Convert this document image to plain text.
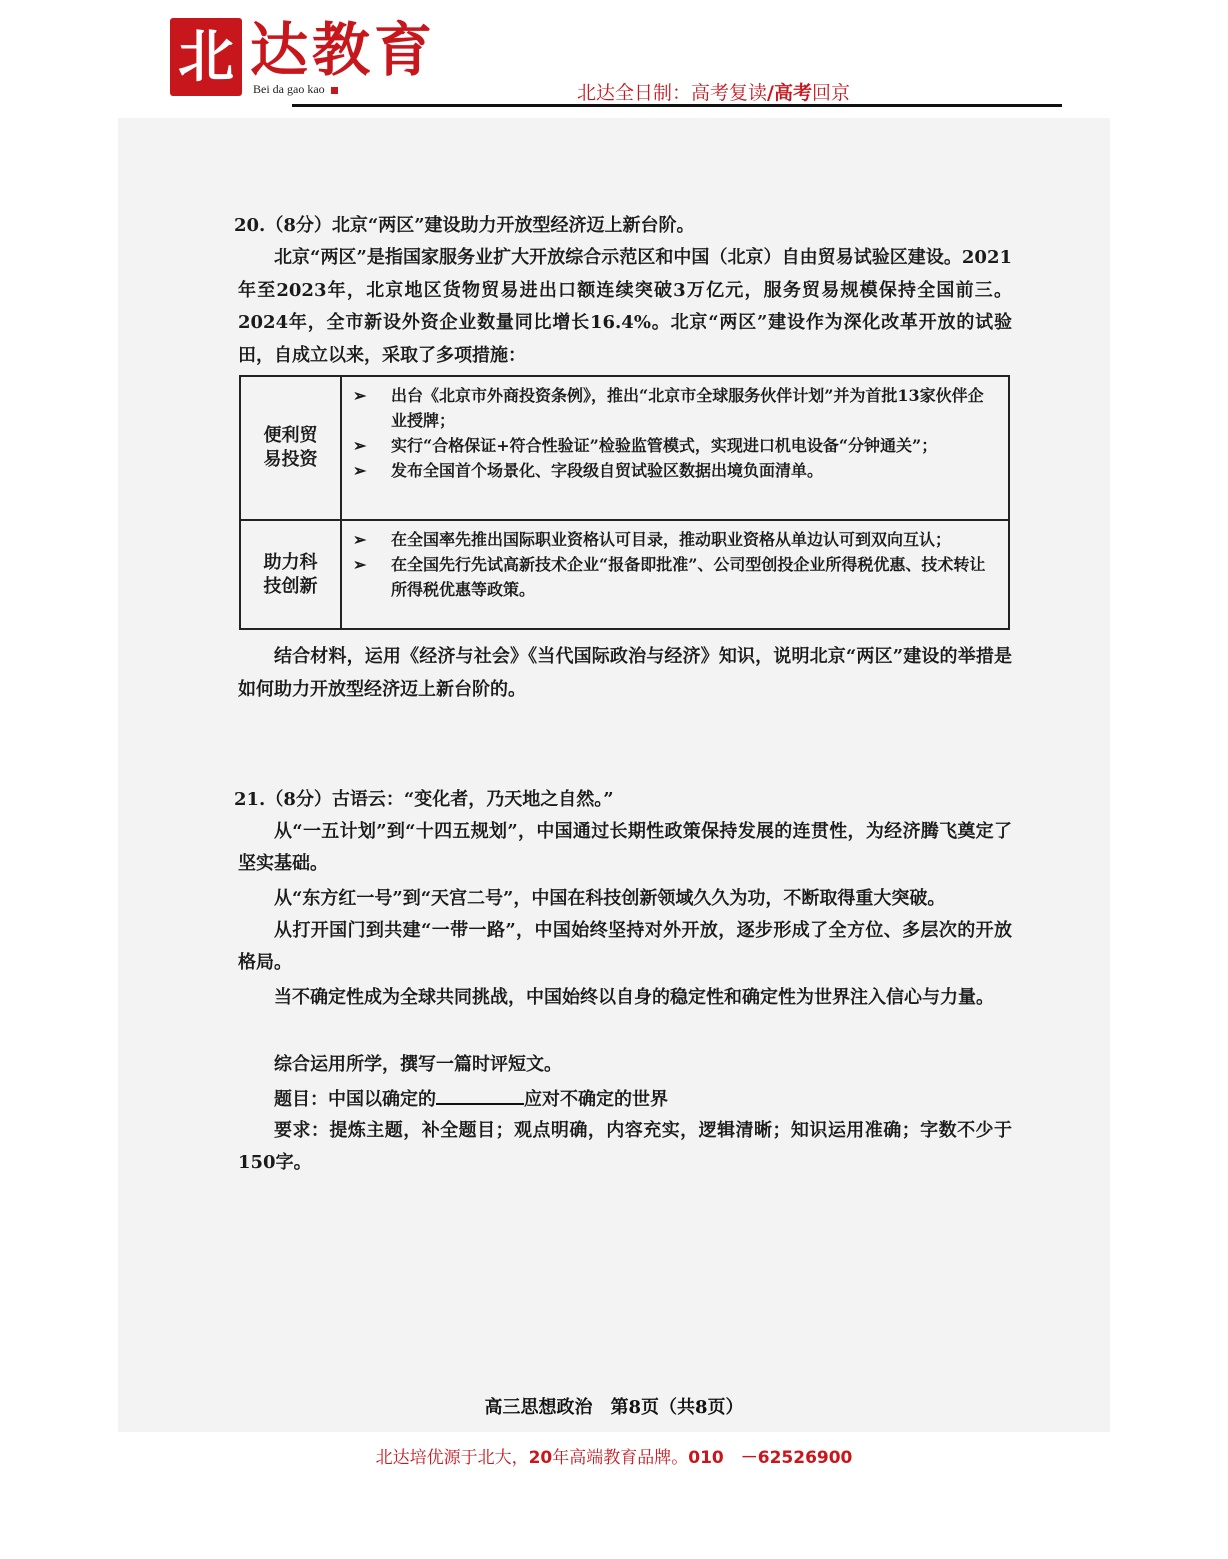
北 达教育
Bei da gao kao	北达全日制：高考复读/高考回京
20.（8分）北京“两区”建设助力开放型经济迈上新台阶。
北京“两区”是指国家服务业扩大开放综合示范区和中国（北京）自由贸易试验区建设。2021年至2023年，北京地区货物贸易进出口额连续突破3万亿元，服务贸易规模保持全国前三。2024年，全市新设外资企业数量同比增长16.4%。北京“两区”建设作为深化改革开放的试验田，自成立以来，采取了多项措施：
便利贸易投资
➢ 出台《北京市外商投资条例》，推出“北京市全球服务伙伴计划”并为首批13家伙伴企业授牌；
➢ 实行“合格保证+符合性验证”检验监管模式，实现进口机电设备“分钟通关”；
➢ 发布全国首个场景化、字段级自贸试验区数据出境负面清单。
助力科技创新
➢ 在全国率先推出国际职业资格认可目录，推动职业资格从单边认可到双向互认；
➢ 在全国先行先试高新技术企业“报备即批准”、公司型创投企业所得税优惠、技术转让所得税优惠等政策。
结合材料，运用《经济与社会》《当代国际政治与经济》知识，说明北京“两区”建设的举措是如何助力开放型经济迈上新台阶的。
21.（8分）古语云：“变化者，乃天地之自然。”
从“一五计划”到“十四五规划”，中国通过长期性政策保持发展的连贯性，为经济腾飞奠定了坚实基础。
从“东方红一号”到“天宫二号”，中国在科技创新领域久久为功，不断取得重大突破。
从打开国门到共建“一带一路”，中国始终坚持对外开放，逐步形成了全方位、多层次的开放格局。
当不确定性成为全球共同挑战，中国始终以自身的稳定性和确定性为世界注入信心与力量。
综合运用所学，撰写一篇时评短文。
题目：中国以确定的	应对不确定的世界
要求：提炼主题，补全题目；观点明确，内容充实，逻辑清晰；知识运用准确；字数不少于150字。
高三思想政治　第8页（共8页）
北达培优源于北大，20年高端教育品牌。010　－62526900
